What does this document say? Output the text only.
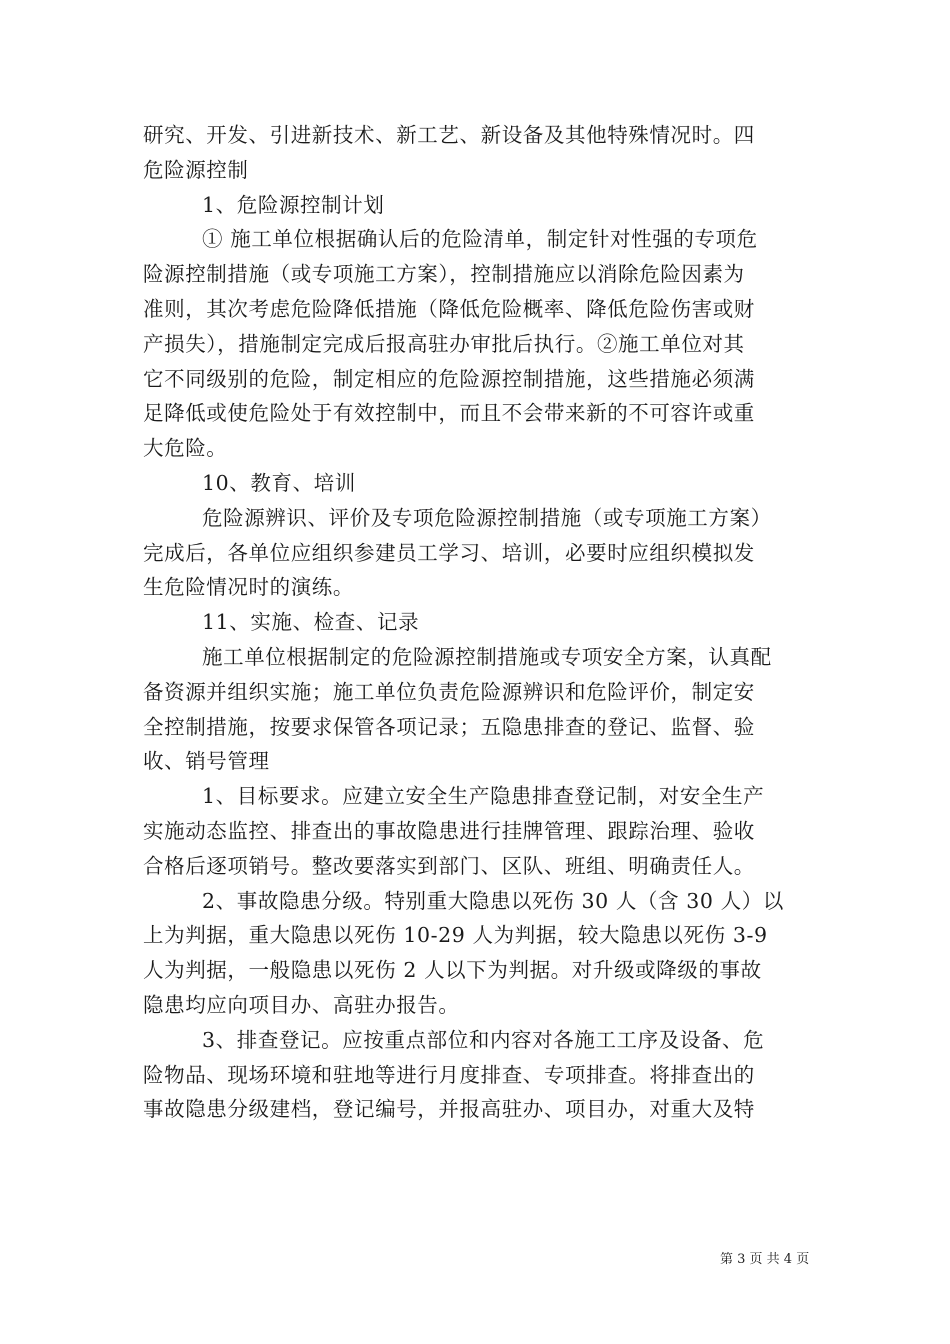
研究、开发、引进新技术、新工艺、新设备及其他特殊情况时。四
危险源控制
1、危险源控制计划
① 施工单位根据确认后的危险清单，制定针对性强的专项危
险源控制措施（或专项施工方案），控制措施应以消除危险因素为
准则，其次考虑危险降低措施（降低危险概率、降低危险伤害或财
产损失），措施制定完成后报高驻办审批后执行。②施工单位对其
它不同级别的危险，制定相应的危险源控制措施，这些措施必须满
足降低或使危险处于有效控制中，而且不会带来新的不可容许或重
大危险。
10、教育、培训
危险源辨识、评价及专项危险源控制措施（或专项施工方案）
完成后，各单位应组织参建员工学习、培训，必要时应组织模拟发
生危险情况时的演练。
11、实施、检查、记录
施工单位根据制定的危险源控制措施或专项安全方案，认真配
备资源并组织实施；施工单位负责危险源辨识和危险评价，制定安
全控制措施，按要求保管各项记录；五隐患排查的登记、监督、验
收、销号管理
1、目标要求。应建立安全生产隐患排查登记制，对安全生产
实施动态监控、排查出的事故隐患进行挂牌管理、跟踪治理、验收
合格后逐项销号。整改要落实到部门、区队、班组、明确责任人。
2、事故隐患分级。特别重大隐患以死伤 30 人（含 30 人）以
上为判据，重大隐患以死伤 10-29 人为判据，较大隐患以死伤 3-9
人为判据，一般隐患以死伤 2 人以下为判据。对升级或降级的事故
隐患均应向项目办、高驻办报告。
3、排查登记。应按重点部位和内容对各施工工序及设备、危
险物品、现场环境和驻地等进行月度排查、专项排查。将排查出的
事故隐患分级建档，登记编号，并报高驻办、项目办，对重大及特
第 3 页 共 4 页
